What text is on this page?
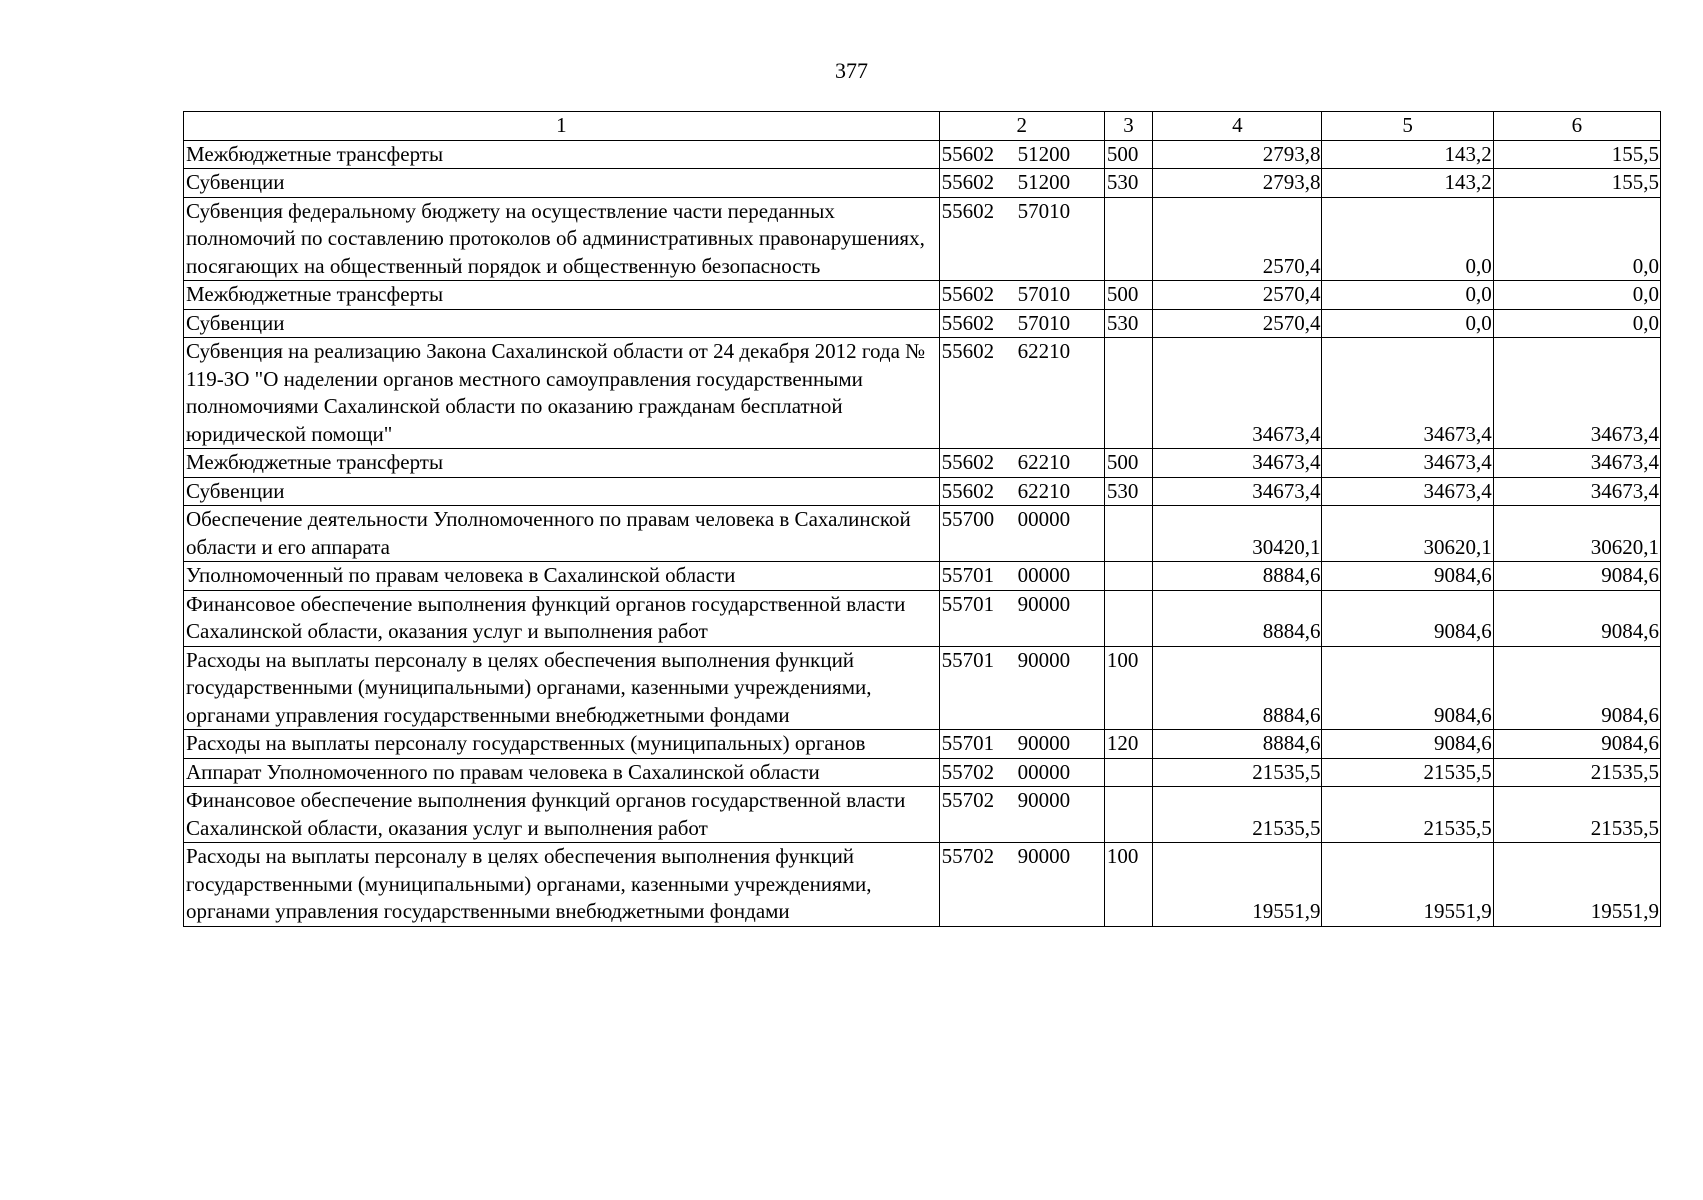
377
1	2	3	4	5	6
Межбюджетные трансферты	55602 51200	500	2793,8	143,2	155,5
Субвенции	55602 51200	530	2793,8	143,2	155,5
Субвенция федеральному бюджету на осуществление части переданных полномочий по составлению протоколов об административных правонарушениях, посягающих на общественный порядок и общественную безопасность	55602 57010		2570,4	0,0	0,0
Межбюджетные трансферты	55602 57010	500	2570,4	0,0	0,0
Субвенции	55602 57010	530	2570,4	0,0	0,0
Субвенция на реализацию Закона Сахалинской области от 24 декабря 2012 года № 119-ЗО "О наделении органов местного самоуправления государственными полномочиями Сахалинской области по оказанию гражданам бесплатной юридической помощи"	55602 62210		34673,4	34673,4	34673,4
Межбюджетные трансферты	55602 62210	500	34673,4	34673,4	34673,4
Субвенции	55602 62210	530	34673,4	34673,4	34673,4
Обеспечение деятельности Уполномоченного по правам человека в Сахалинской области и его аппарата	55700 00000		30420,1	30620,1	30620,1
Уполномоченный по правам человека в Сахалинской области	55701 00000		8884,6	9084,6	9084,6
Финансовое обеспечение выполнения функций органов государственной власти Сахалинской области, оказания услуг и выполнения работ	55701 90000		8884,6	9084,6	9084,6
Расходы на выплаты персоналу в целях обеспечения выполнения функций государственными (муниципальными) органами, казенными учреждениями, органами управления государственными внебюджетными фондами	55701 90000	100	8884,6	9084,6	9084,6
Расходы на выплаты персоналу государственных (муниципальных) органов	55701 90000	120	8884,6	9084,6	9084,6
Аппарат Уполномоченного по правам человека в Сахалинской области	55702 00000		21535,5	21535,5	21535,5
Финансовое обеспечение выполнения функций органов государственной власти Сахалинской области, оказания услуг и выполнения работ	55702 90000		21535,5	21535,5	21535,5
Расходы на выплаты персоналу в целях обеспечения выполнения функций государственными (муниципальными) органами, казенными учреждениями, органами управления государственными внебюджетными фондами	55702 90000	100	19551,9	19551,9	19551,9
